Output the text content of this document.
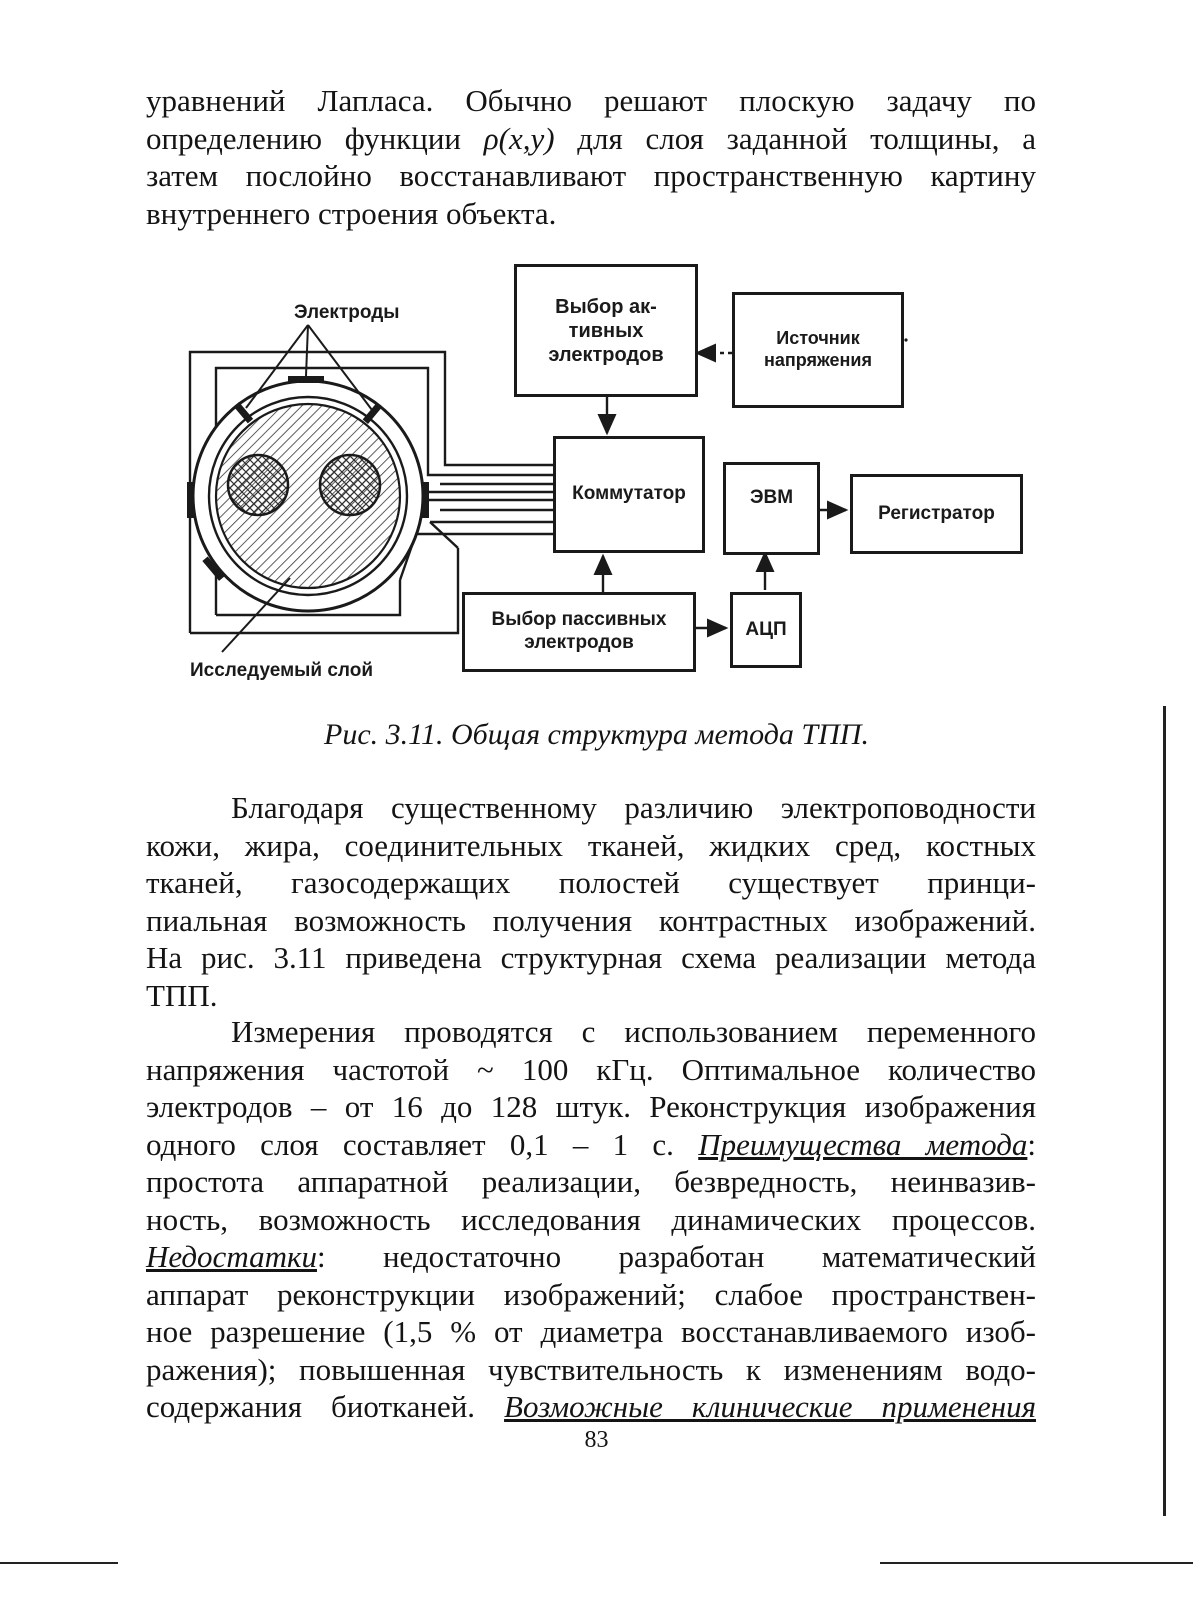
уравнений Лапласа. Обычно решают плоскую задачу по
определению функции ρ(x,y) для слоя заданной толщины, а
затем послойно восстанавливают пространственную картину
внутреннего строения объекта.
Электроды
Исследуемый слой
Выбор ак-
тивных
электродов
Источник
напряжения
Коммутатор	ЭВМ
Регистратор
Выбор пассивных
электродов
АЦП
Рис. 3.11. Общая структура метода ТПП.
Благодаря существенному различию электроповодности
кожи, жира, соединительных тканей, жидких сред, костных
тканей, газосодержащих полостей существует принци-
пиальная возможность получения контрастных изображений.
На рис. 3.11 приведена структурная схема реализации метода
ТПП.
Измерения проводятся с использованием переменного
напряжения частотой ~ 100 кГц. Оптимальное количество
электродов – от 16 до 128 штук. Реконструкция изображения
одного слоя составляет 0,1 – 1 с. Преимущества метода:
простота аппаратной реализации, безвредность, неинвазив-
ность, возможность исследования динамических процессов.
Недостатки: недостаточно разработан математический
аппарат реконструкции изображений; слабое пространствен-
ное разрешение (1,5 % от диаметра восстанавливаемого изоб-
ражения); повышенная чувствительность к изменениям водо-
содержания биотканей. Возможные клинические применения
83
